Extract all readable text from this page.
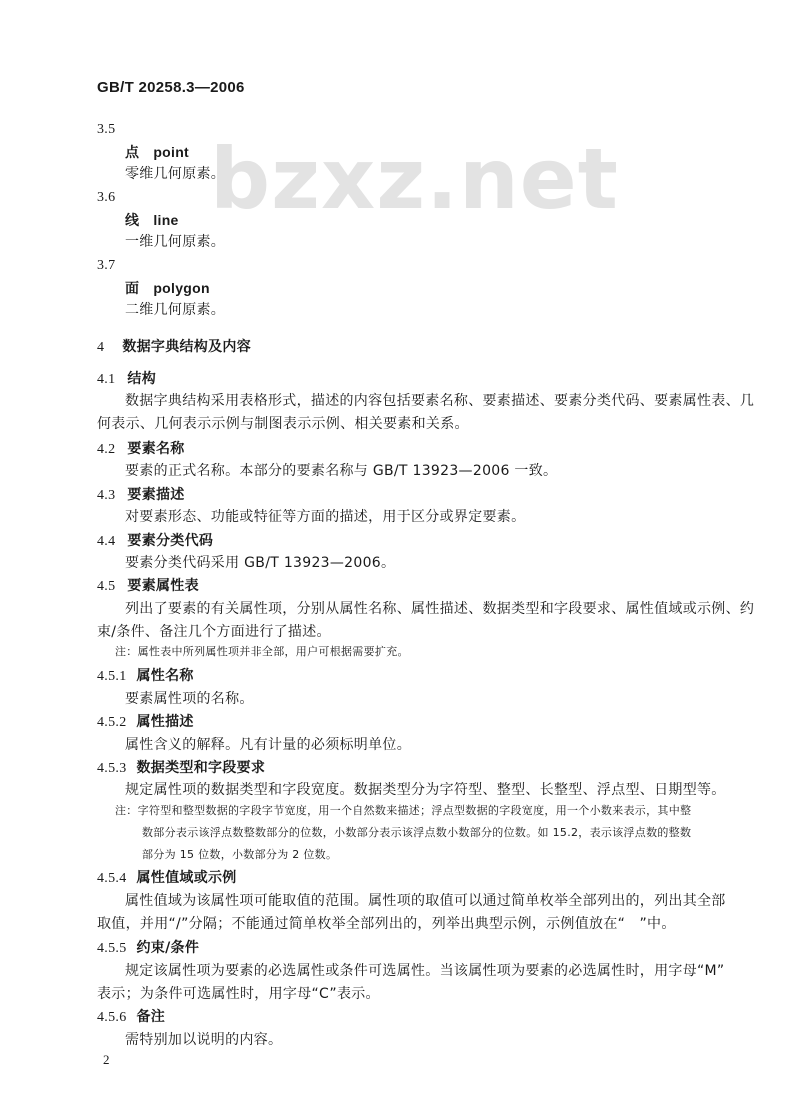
bzxz.net
GB/T 20258.3—2006
3.5
点 point
零维几何原素。
3.6
线 line
一维几何原素。
3.7
面 polygon
二维几何原素。
4 数据字典结构及内容
4.1 结构
数据字典结构采用表格形式，描述的内容包括要素名称、要素描述、要素分类代码、要素属性表、几
何表示、几何表示示例与制图表示示例、相关要素和关系。
4.2 要素名称
要素的正式名称。本部分的要素名称与 GB/T 13923—2006 一致。
4.3 要素描述
对要素形态、功能或特征等方面的描述，用于区分或界定要素。
4.4 要素分类代码
要素分类代码采用 GB/T 13923—2006。
4.5 要素属性表
列出了要素的有关属性项，分别从属性名称、属性描述、数据类型和字段要求、属性值域或示例、约
束/条件、备注几个方面进行了描述。
注：属性表中所列属性项并非全部，用户可根据需要扩充。
4.5.1 属性名称
要素属性项的名称。
4.5.2 属性描述
属性含义的解释。凡有计量的必须标明单位。
4.5.3 数据类型和字段要求
规定属性项的数据类型和字段宽度。数据类型分为字符型、整型、长整型、浮点型、日期型等。
注：字符型和整型数据的字段字节宽度，用一个自然数来描述；浮点型数据的字段宽度，用一个小数来表示，其中整
数部分表示该浮点数整数部分的位数，小数部分表示该浮点数小数部分的位数。如 15.2，表示该浮点数的整数
部分为 15 位数，小数部分为 2 位数。
4.5.4 属性值域或示例
属性值域为该属性项可能取值的范围。属性项的取值可以通过简单枚举全部列出的，列出其全部
取值，并用“/”分隔；不能通过简单枚举全部列出的，列举出典型示例，示例值放在“　”中。
4.5.5 约束/条件
规定该属性项为要素的必选属性或条件可选属性。当该属性项为要素的必选属性时，用字母“M”
表示；为条件可选属性时，用字母“C”表示。
4.5.6 备注
需特别加以说明的内容。
2
